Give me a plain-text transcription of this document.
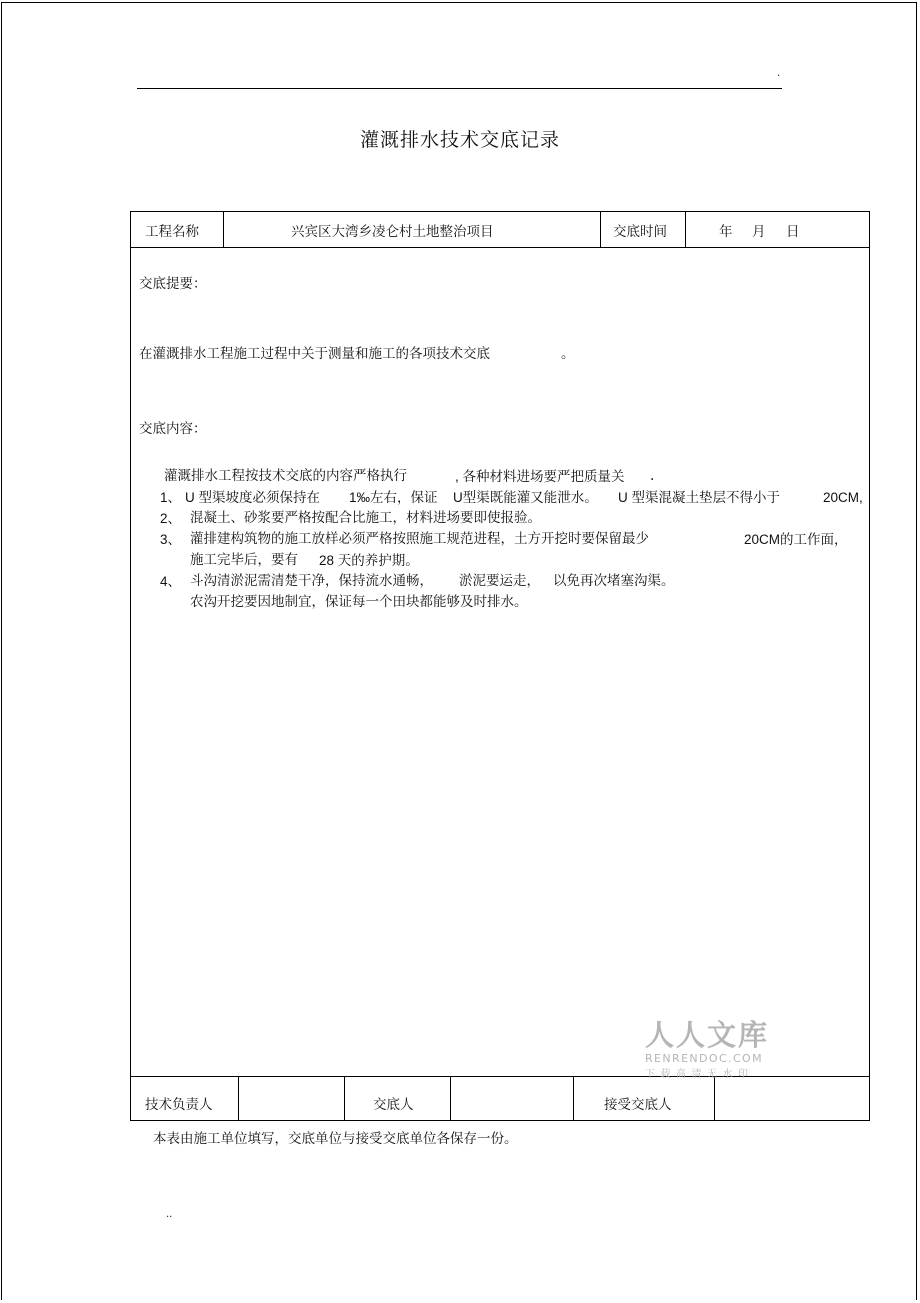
.
灌溉排水技术交底记录
工程名称	兴宾区大湾乡凌仑村土地整治项目	交底时间	年 月 日
交底提要：
在灌溉排水工程施工过程中关于测量和施工的各项技术交底	。
交底内容：
灌溉排水工程按技术交底的内容严格执行	, 各种材料进场要严把质量关 .
1、 U 型渠坡度必须保持在 1‰左右，保证 U型渠既能灌又能泄水。 U 型渠混凝土垫层不得小于	20CM,
2、 混凝土、砂浆要严格按配合比施工，材料进场要即使报验。
3、 灌排建构筑物的施工放样必须严格按照施工规范进程，土方开挖时要保留最少	20CM的工作面，
施工完毕后，要有 28 天的养护期。
4、 斗沟清淤泥需清楚干净，保持流水通畅， 淤泥要运走， 以免再次堵塞沟渠。
农沟开挖要因地制宜，保证每一个田块都能够及时排水。
技术负责人	交底人	接受交底人
人人文库
RENRENDOC.COM
下载高清无水印
本表由施工单位填写，交底单位与接受交底单位各保存一份。
..
